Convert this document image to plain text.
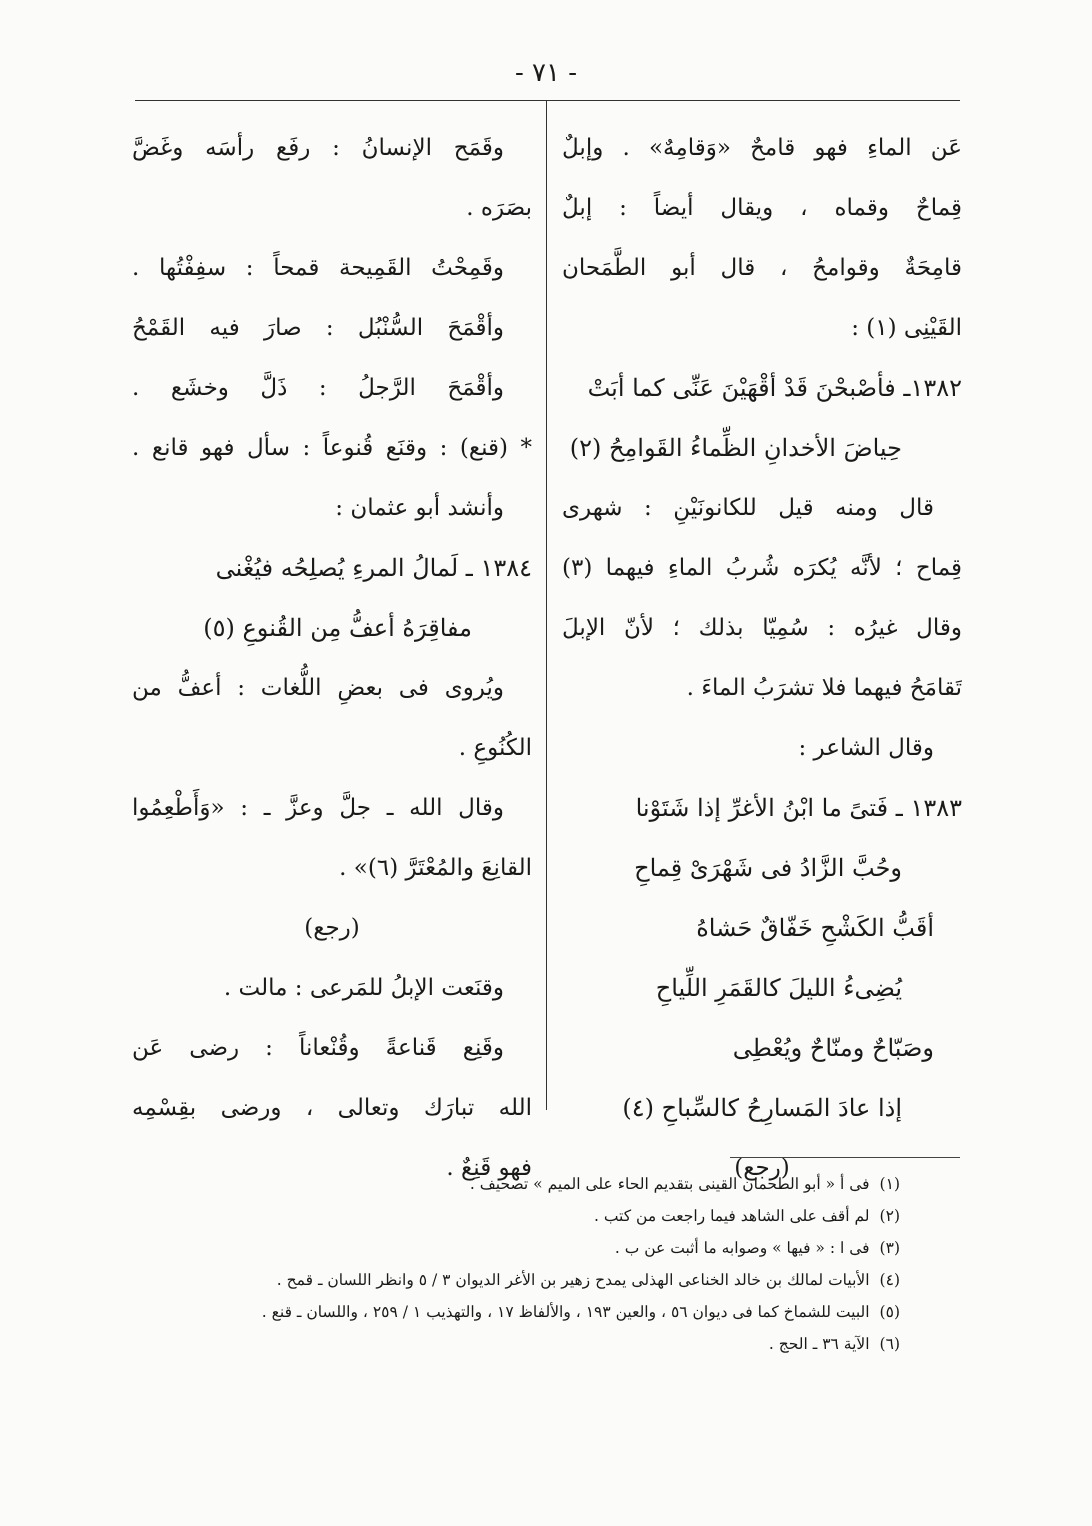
- ٧١ -
عَن الماءِ فهو قامحٌ «وَقامِهٌ» . وإبلٌ
قِماحٌ وقماه ، ويقال أيضاً : إبلٌ
قامِحَةٌ وقوامحُ ، قال أبو الطَّمَحان
القَيْنِى (١) :
١٣٨٢ـ فأصْبحْنَ قَدْ أقْهَيْنَ عَنِّى كما أبَتْ
حِياضَ الأخدانِ الظِّماءُ القَوامِحُ (٢)
قال ومنه قيل للكانونَيْنِ : شهرى
قِماح ؛ لأنَّه يُكرَه شُربُ الماءِ فيهما (٣)
وقال غيرُه : سُمِيّا بذلك ؛ لأنّ الإبلَ
تَقامَحُ فيهما فلا تشرَبُ الماءَ .
وقال الشاعر :
١٣٨٣ ـ فَتىً ما ابْنُ الأغرِّ إذا شَتَوْنا
وحُبَّ الزَّادُ فى شَهْرَىْ قِماحِ
أقَبُّ الكَشْحِ خَفّاقٌ حَشاهُ
يُضِىءُ الليلَ كالقَمَرِ اللِّياحِ
وصَبّاحٌ ومنّاحٌ ويُعْطِى
إذا عادَ المَسارِحُ كالسِّباحِ (٤)
(رجع)
وقَمَح الإنسانُ : رفَع رأسَه وغَضَّ
بصَرَه .
وقَمِحْتُ القَمِيحة قمحاً : سفِفْتُها .
وأقْمَحَ السُّنْبُل : صارَ فيه القَمْحُ
وأقْمَحَ الرَّجلُ : ذَلَّ وخشَع .
* (قنع) : وقنَع قُنوعاً : سأل فهو قانع .
وأنشد أبو عثمان :
١٣٨٤ ـ لَمالُ المرءِ يُصلِحُه فيُغْنى
مفاقِرَهُ أعفُّ مِن القُنوعِ (٥)
ويُروى فى بعضِ اللُّغات : أعفُّ من
الكُنُوعِ .
وقال الله ـ جلَّ وعزَّ ـ : «وَأَطْعِمُوا
القانِعَ والمُعْتَرَّ (٦)» .
(رجع)
وقنَعت الإبلُ للمَرعى : مالت .
وقَنِع قَناعةً وقُنْعاناً : رضى عَن
الله تبارَك وتعالى ، ورضى بقِسْمِه
فهو قَنِعٌ .
(١)فى أ « أبو الطحمان القينى بتقديم الحاء على الميم » تصحيف .
(٢)لم أقف على الشاهد فيما راجعت من كتب .
(٣)فى ا : « فيها » وصوابه ما أثبت عن ب .
(٤)الأبيات لمالك بن خالد الخناعى الهذلى يمدح زهير بن الأغر الديوان ٣ / ٥ وانظر اللسان ـ قمح .
(٥)البيت للشماخ كما فى ديوان ٥٦ ، والعين ١٩٣ ، والألفاظ ١٧ ، والتهذيب ١ / ٢٥٩ ، واللسان ـ قنع .
(٦)الآية ٣٦ ـ الحج .
